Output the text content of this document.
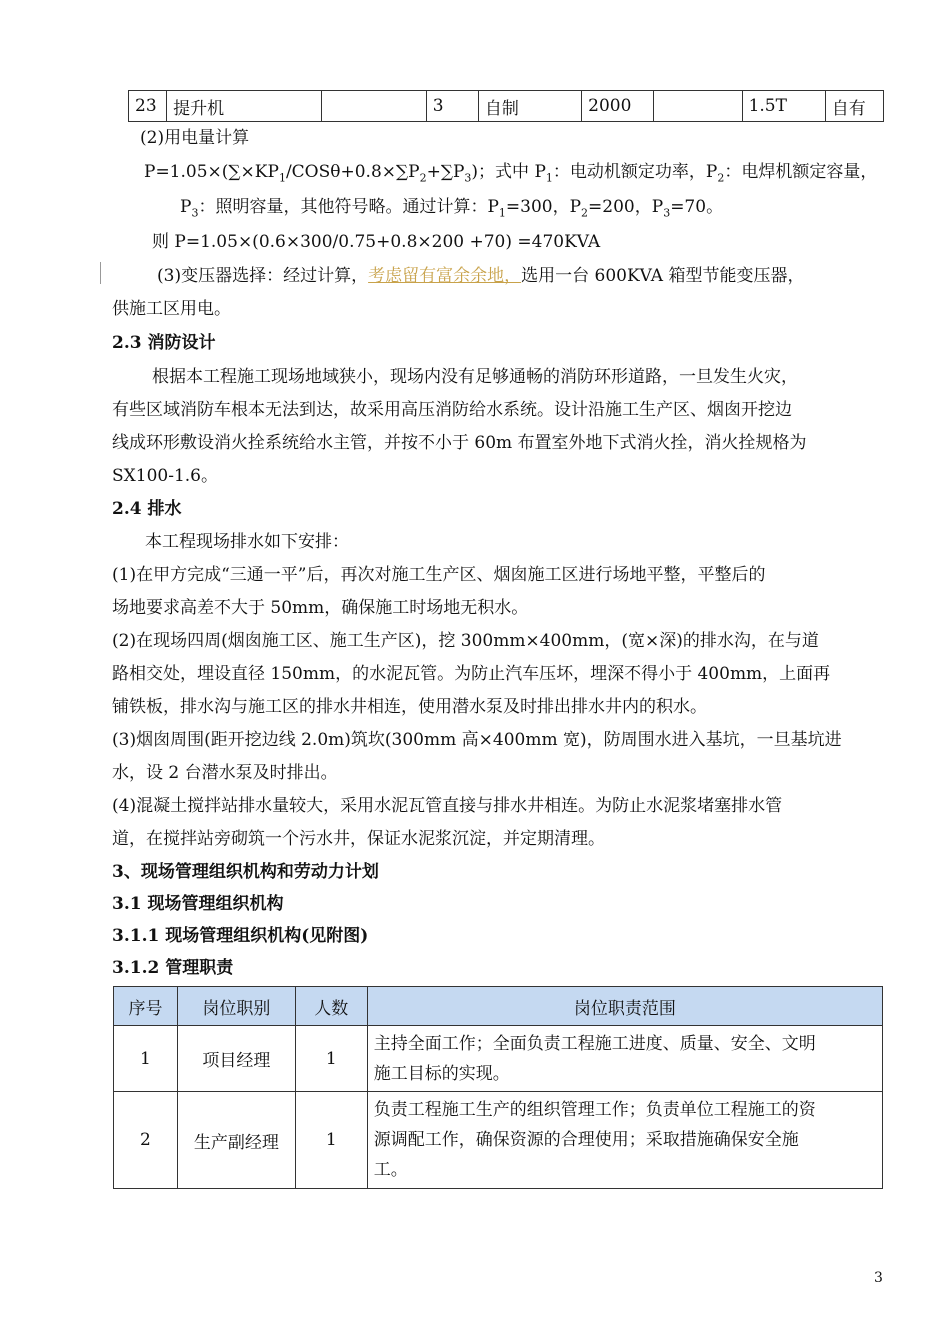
23	提升机		3	自制	2000		1.5T	自有
(2)用电量计算
$P=1.05\times(\sum\times KP_1/COS\theta+0.8\times\sum P_2+\sum P_3)$；式中 $P_1$：电动机额定功率，$P_2$：电焊机额定容量，
$P_3$：照明容量，其他符号略。通过计算：$P_1=300$，$P_2=200$，$P_3=70$。
则 P=1.05×(0.6×300/0.75+0.8×200 +70) =470KVA
(3)变压器选择：经过计算，考虑留有富余余地，选用一台 600KVA 箱型节能变压器，
供施工区用电。
2.3 消防设计
根据本工程施工现场地域狭小，现场内没有足够通畅的消防环形道路，一旦发生火灾，
有些区域消防车根本无法到达，故采用高压消防给水系统。设计沿施工生产区、烟囱开挖边
线成环形敷设消火拴系统给水主管，并按不小于 60m 布置室外地下式消火拴，消火拴规格为
SX100-1.6。
2.4 排水
本工程现场排水如下安排：
(1)在甲方完成“三通一平”后，再次对施工生产区、烟囱施工区进行场地平整，平整后的
场地要求高差不大于 50mm，确保施工时场地无积水。
(2)在现场四周(烟囱施工区、施工生产区)，挖 300mm×400mm，(宽×深)的排水沟，在与道
路相交处，埋设直径 150mm，的水泥瓦管。为防止汽车压坏，埋深不得小于 400mm，上面再
铺铁板，排水沟与施工区的排水井相连，使用潜水泵及时排出排水井内的积水。
(3)烟囱周围(距开挖边线 2.0m)筑坎(300mm 高×400mm 宽)，防周围水进入基坑，一旦基坑进
水，设 2 台潜水泵及时排出。
(4)混凝土搅拌站排水量较大，采用水泥瓦管直接与排水井相连。为防止水泥浆堵塞排水管
道，在搅拌站旁砌筑一个污水井，保证水泥浆沉淀，并定期清理。
3、现场管理组织机构和劳动力计划
3.1 现场管理组织机构
3.1.1 现场管理组织机构(见附图)
3.1.2 管理职责
序号	岗位职别	人数	岗位职责范围
1	项目经理	1	主持全面工作；全面负责工程施工进度、质量、安全、文明
施工目标的实现。

2	生产副经理	1	负责工程施工生产的组织管理工作；负责单位工程施工的资
源调配工作，确保资源的合理使用；采取措施确保安全施
工。
3
